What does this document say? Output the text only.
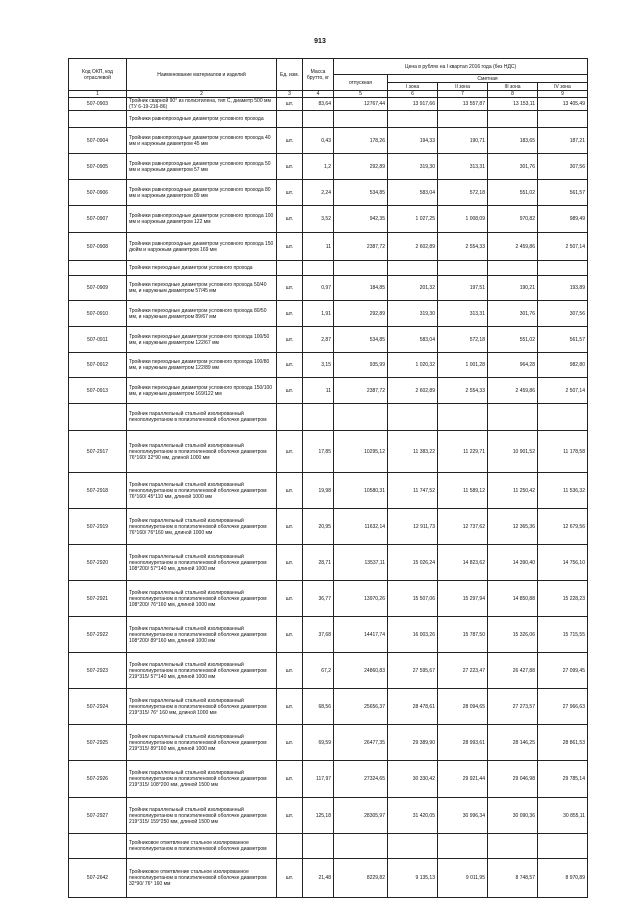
913
Код ОКП, код отраслевой	Наименование материалов и изделий	Ед. изм.	Масса брутто, кг	Цена в рублях на I квартал 2016 года (без НДС)				
				отпускная	Сметная			
					I зона	II зона	III зона	IV зона
1	2	3	4	5	6	7	8	9
507-0903	Тройник сварной 90° из полиэтилена, тип С, диаметр 500 мм (ТУ 6-19-216-86)	шт.	83,64	12767,44	13 917,66	13 557,87	13 153,11	13 405,49
	Тройники равнопроходные диаметром условного прохода							
507-0904	Тройники равнопроходные диаметром условного прохода 40 мм и наружным диаметром 45 мм	шт.	0,43	178,26	194,33	190,71	183,65	187,21
507-0905	Тройники равнопроходные диаметром условного прохода 50 мм и наружным диаметром 57 мм	шт.	1,2	292,89	319,30	313,31	301,76	307,56
507-0906	Тройники равнопроходные диаметром условного прохода 80 мм и наружным диаметром 89 мм	шт.	2,24	534,85	583,04	572,18	551,02	561,57
507-0907	Тройники равнопроходные диаметром условного прохода 100 мм и наружным диаметром 122 мм	шт.	3,52	942,35	1 027,25	1 008,09	970,82	989,49
507-0908	Тройники равнопроходные диаметром условного прохода 150 дюйм и наружным диаметром 169 мм	шт.	11	2387,72	2 602,89	2 554,33	2 459,86	2 507,14
	Тройники переходные диаметром условного прохода							
507-0909	Тройники переходные диаметром условного прохода 50/40 мм, и наружным диаметром 57/45 мм	шт.	0,97	184,85	201,32	197,51	190,21	193,89
507-0910	Тройники переходные диаметром условного прохода 80/50 мм, и наружным диаметром 89/67 мм	шт.	1,91	292,89	319,30	313,31	301,76	307,56
507-0911	Тройники переходные диаметром условного прохода 100/50 мм, и наружным диаметром 122/67 мм	шт.	2,87	534,85	583,04	572,18	551,02	561,57
507-0912	Тройники переходные диаметром условного прохода 100/80 мм, и наружным диаметром 122/89 мм	шт.	3,15	935,99	1 020,32	1 001,28	964,28	982,80
507-0913	Тройники переходные диаметром условного прохода 150/100 мм, и наружным диаметром 169/122 мм	шт.	11	2387,72	2 602,89	2 554,33	2 459,86	2 507,14
	Тройник параллельный стальной изолированный пенополиуретаном в полиэтиленовой оболочке диаметром							
507-2917	Тройник параллельный стальной изолированный пенополиуретаном в полиэтиленовой оболочке диаметром 76°160/ 32°90 мм, длиной 1000 мм	шт.	17,85	10295,12	11 383,22	11 229,71	10 901,52	11 178,58
507-2918	Тройник параллельный стальной изолированный пенополиуретаном в полиэтиленовой оболочке диаметром 76°160/ 45°110 мм, длиной 1000 мм	шт.	19,98	10580,31	11 747,52	11 589,12	11 250,42	11 536,32
507-2919	Тройник параллельный стальной изолированный пенополиуретаном в полиэтиленовой оболочке диаметром 76°160/ 76°160 мм, длиной 1000 мм	шт.	20,95	11632,14	12 911,73	12 737,62	12 365,36	12 679,56
507-2920	Тройник параллельный стальной изолированный пенополиуретаном в полиэтиленовой оболочке диаметром 108°200/ 57°140 мм, длиной 1000 мм	шт.	28,71	13537,11	15 026,24	14 823,62	14 390,40	14 756,10
507-2921	Тройник параллельный стальной изолированный пенополиуретаном в полиэтиленовой оболочке диаметром 108°200/ 76°160 мм, длиной 1000 мм	шт.	36,77	13970,26	15 507,06	15 297,94	14 850,88	15 228,23
507-2922	Тройник параллельный стальной изолированный пенополиуретаном в полиэтиленовой оболочке диаметром 108°200/ 89°160 мм, длиной 1000 мм	шт.	37,68	14417,74	16 003,26	15 787,50	15 326,06	15 715,55
507-2923	Тройник параллельный стальной изолированный пенополиуретаном в полиэтиленовой оболочке диаметром 219°315/ 57°140 мм, длиной 1000 мм	шт.	67,2	24860,83	27 595,67	27 223,47	26 427,88	27 099,45
507-2924	Тройник параллельный стальной изолированный пенополиуретаном в полиэтиленовой оболочке диаметром 219°315/ 76° 160 мм, длиной 1000 мм	шт.	68,56	25656,37	28 478,61	28 094,65	27 273,57	27 966,63
507-2925	Тройник параллельный стальной изолированный пенополиуретаном в полиэтиленовой оболочке диаметром 219°315/ 89°160 мм, длиной 1000 мм	шт.	69,59	26477,35	29 389,90	28 993,61	28 146,25	28 861,53
507-2926	Тройник параллельный стальной изолированный пенополиуретаном в полиэтиленовой оболочке диаметром 219°315/ 108°200 мм, длиной 1500 мм	шт.	117,97	27324,65	30 330,42	29 921,44	29 046,98	29 785,14
507-2927	Тройник параллельный стальной изолированный пенополиуретаном в полиэтиленовой оболочке диаметром 219°315/ 159°250 мм, длиной 1500 мм	шт.	125,18	28305,97	31 420,05	30 996,34	30 090,36	30 855,11
	Тройниковое ответвление стальное изолированное пенополиуретаном в полиэтиленовой оболочке диаметром							
507-2642	Тройниковое ответвление стальное изолированное пенополиуретаном в полиэтиленовой оболочке диаметром 32°90/ 76° 160 мм	шт.	21,48	8229,82	9 135,13	9 011,95	8 748,57	8 970,89
